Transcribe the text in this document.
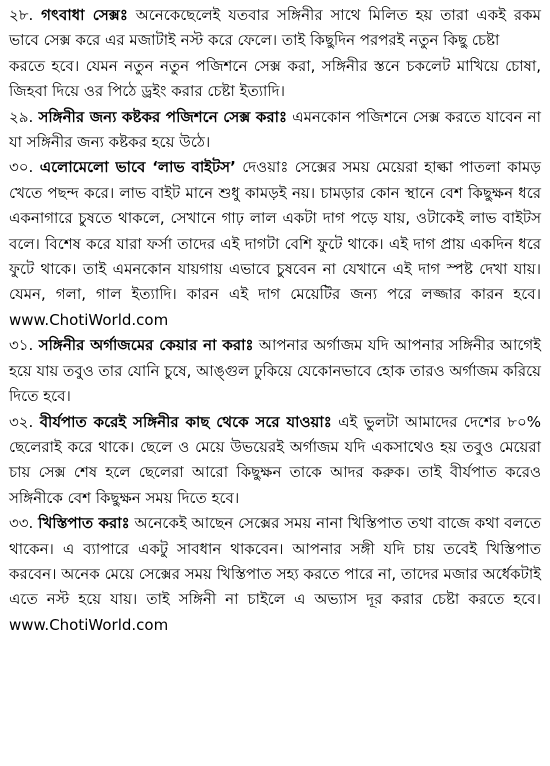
২৮. গৎবাধা সেক্সঃ অনেকেছেলেই যতবার সঙ্গিনীর সাথে মিলিত হয় তারা একই রকম ভাবে সেক্স করে এর মজাটাই নস্ট করে ফেলে। তাই কিছুদিন পরপরই নতুন কিছু চেষ্টা
করতে হবে। যেমন নতুন নতুন পজিশনে সেক্স করা, সঙ্গিনীর স্তনে চকলেট মাখিয়ে চোষা, জিহবা দিয়ে ওর পিঠে ড্রইং করার চেষ্টা ইত্যাদি।

২৯. সঙ্গিনীর জন্য কষ্টকর পজিশনে সেক্স করাঃ এমনকোন পজিশনে সেক্স করতে যাবেন না যা সঙ্গিনীর জন্য কষ্টকর হয়ে উঠে।

৩০. এলোমেলো ভাবে ‘লাভ বাইটস’ দেওয়াঃ সেক্সের সময় মেয়েরা হাল্কা পাতলা কামড় খেতে পছন্দ করে। লাভ বাইট মানে শুধু কামড়ই নয়। চামড়ার কোন স্থানে বেশ কিছুক্ষন ধরে একনাগারে চুষতে থাকলে, সেখানে গাঢ় লাল একটা দাগ পড়ে যায়, ওটাকেই লাভ বাইটস বলে। বিশেষ করে যারা ফর্সা তাদের এই দাগটা বেশি ফুটে থাকে। এই দাগ প্রায় একদিন ধরে ফুটে থাকে। তাই এমনকোন যায়গায় এভাবে চুষবেন না যেখানে এই দাগ স্পষ্ট দেখা যায়। যেমন, গলা, গাল ইত্যাদি। কারন এই দাগ মেয়েটির জন্য পরে লজ্জার কারন হবে।www.ChotiWorld.com

৩১. সঙ্গিনীর অর্গাজমের কেয়ার না করাঃ আপনার অর্গাজম যদি আপনার সঙ্গিনীর আগেই হয়ে যায় তবুও তার যোনি চুষে, আঙ্গুল ঢুকিয়ে যেকোনভাবে হোক তারও অর্গাজম করিয়ে দিতে হবে।

৩২. বীর্যপাত করেই সঙ্গিনীর কাছ থেকে সরে যাওয়াঃ এই ভুলটা আমাদের দেশের ৮০% ছেলেরাই করে থাকে। ছেলে ও মেয়ে উভয়েরই অর্গাজম যদি একসাথেও হয় তবুও মেয়েরা চায় সেক্স শেষ হলে ছেলেরা আরো কিছুক্ষন তাকে আদর করুক। তাই বীর্যপাত করেও সঙ্গিনীকে বেশ কিছুক্ষন সময় দিতে হবে।

৩৩. খিস্তিপাত করাঃ অনেকেই আছেন সেক্সের সময় নানা খিস্তিপাত তথা বাজে কথা বলতে থাকেন। এ ব্যাপারে একটু সাবধান থাকবেন। আপনার সঙ্গী যদি চায় তবেই খিস্তিপাত করবেন। অনেক মেয়ে সেক্সের সময় খিস্তিপাত সহ্য করতে পারে না, তাদের মজার অর্ধেকটাই এতে নস্ট হয়ে যায়। তাই সঙ্গিনী না চাইলে এ অভ্যাস দূর করার চেষ্টা করতে হবে।www.ChotiWorld.com
